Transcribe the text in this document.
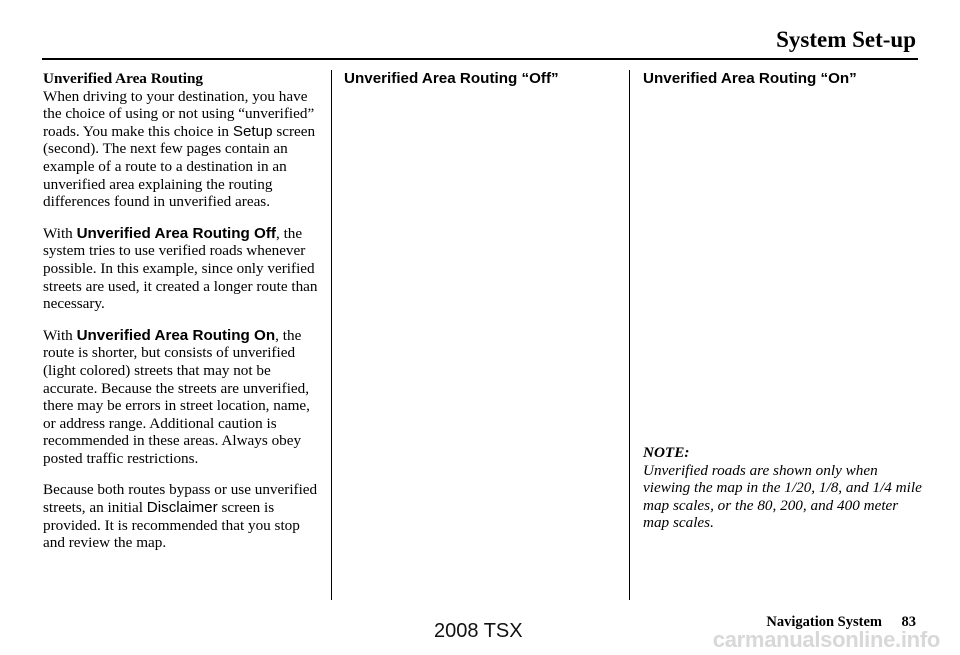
System Set-up

Unverified Area Routing

When driving to your destination, you have the choice of using or not using “unverified” roads. You make this choice in Setup screen (second). The next few pages contain an example of a route to a destination in an unverified area explaining the routing differences found in unverified areas.

With Unverified Area Routing Off, the system tries to use verified roads whenever possible. In this example, since only verified streets are used, it created a longer route than necessary.

With Unverified Area Routing On, the route is shorter, but consists of unverified (light colored) streets that may not be accurate. Because the streets are unverified, there may be errors in street location, name, or address range. Additional caution is recommended in these areas. Always obey posted traffic restrictions.

Because both routes bypass or use unverified streets, an initial Disclaimer screen is provided. It is recommended that you stop and review the map.

Unverified Area Routing “Off”	Unverified Area Routing “On”

NOTE:

Unverified roads are shown only when viewing the map in the 1/20, 1/8, and 1/4 mile map scales, or the 80, 200, and 400 meter map scales.

Navigation System 83
2008 TSX	carmanualsonline.info
